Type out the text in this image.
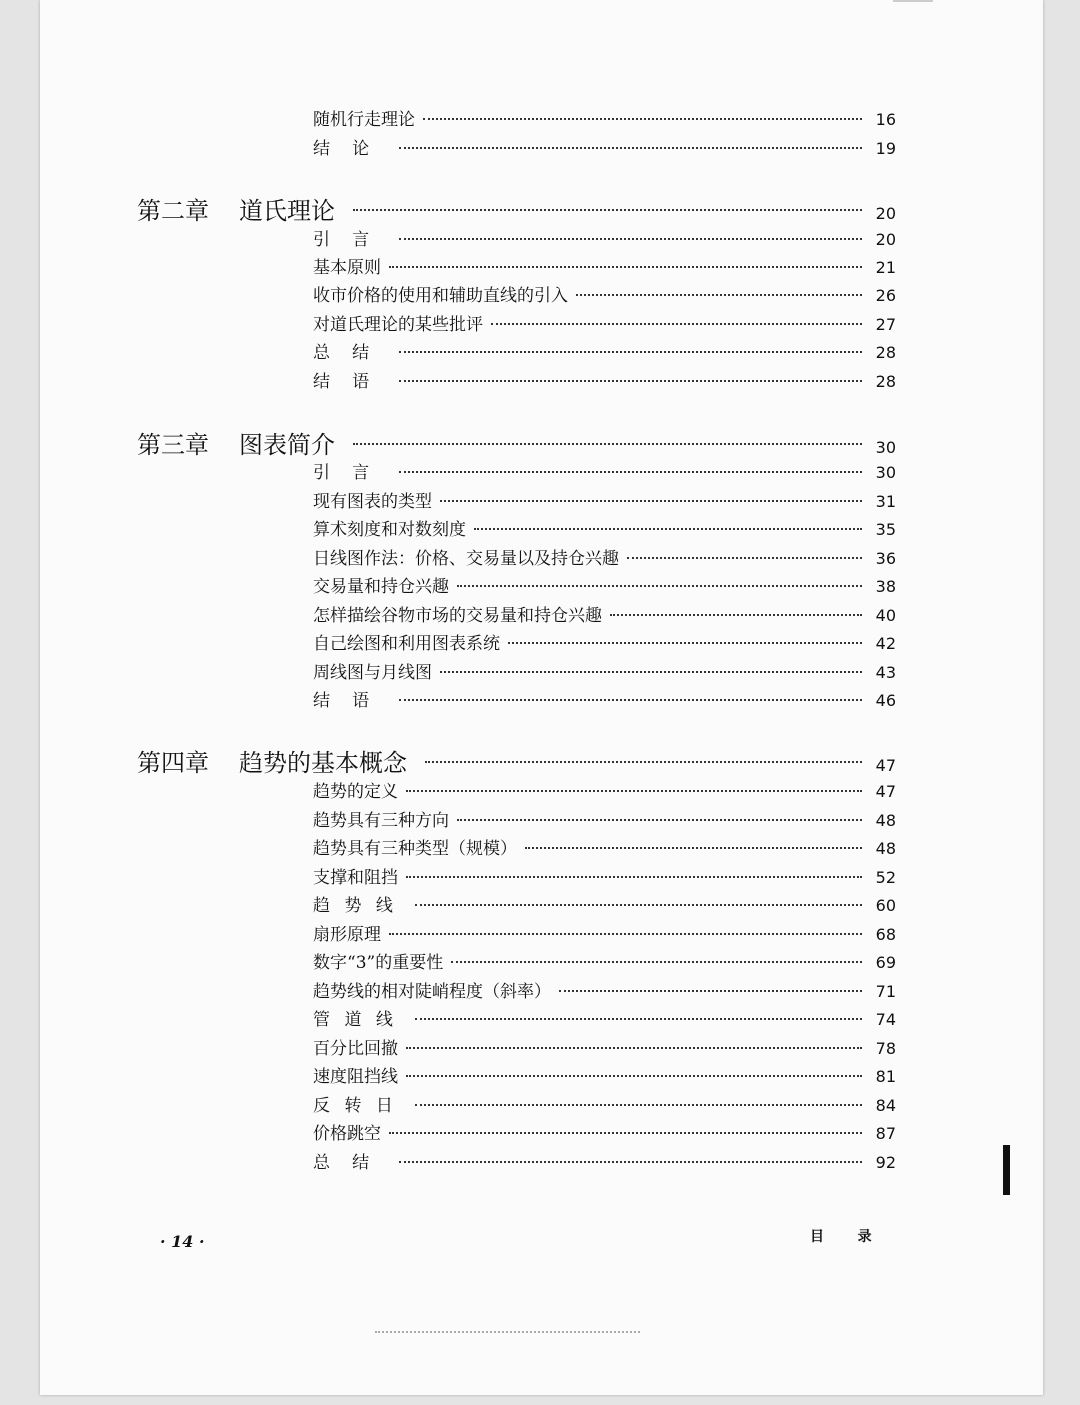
随机行走理论	16
结论	19
第二章	道氏理论	20
引言	20
基本原则	21
收市价格的使用和辅助直线的引入	26
对道氏理论的某些批评	27
总结	28
结语	28
第三章	图表简介	30
引言	30
现有图表的类型	31
算术刻度和对数刻度	35
日线图作法：价格、交易量以及持仓兴趣	36
交易量和持仓兴趣	38
怎样描绘谷物市场的交易量和持仓兴趣	40
自己绘图和利用图表系统	42
周线图与月线图	43
结语	46
第四章	趋势的基本概念	47
趋势的定义	47
趋势具有三种方向	48
趋势具有三种类型（规模）	48
支撑和阻挡	52
趋势线	60
扇形原理	68
数字“3”的重要性	69
趋势线的相对陡峭程度（斜率）	71
管道线	74
百分比回撤	78
速度阻挡线	81
反转日	84
价格跳空	87
总结	92
· 14 ·	目录
